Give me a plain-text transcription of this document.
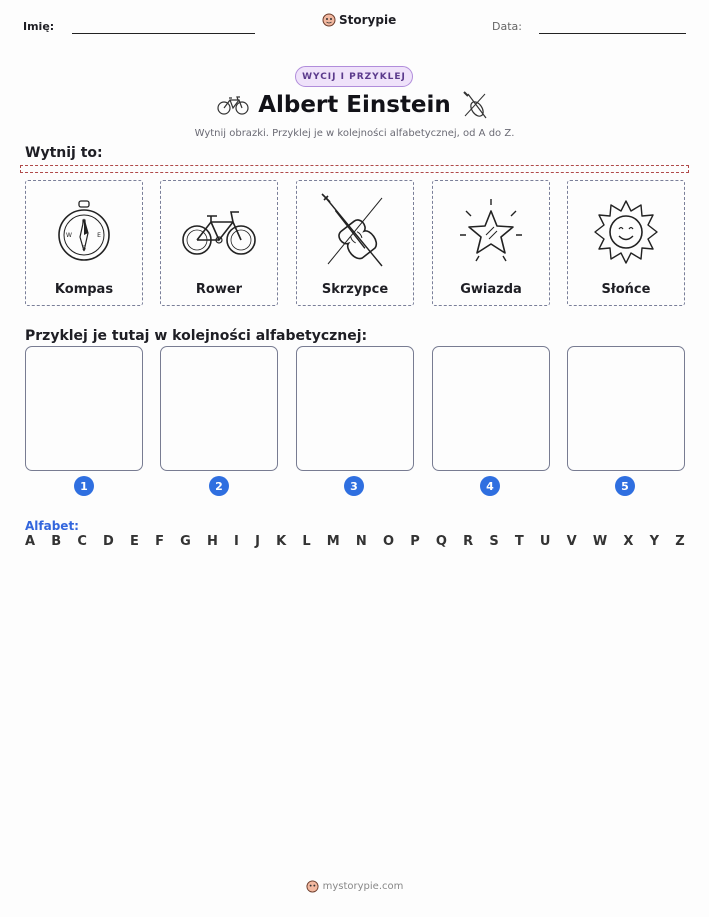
Imię:	Storypie	Data:
WYCIJ I PRZYKLEJ
Albert Einstein
Wytnij obrazki. Przyklej je w kolejności alfabetycznej, od A do Z.
Wytnij to:
N
S
W	E
Kompas	Rower	Skrzypce	Gwiazda	Słońce
Przyklej je tutaj w kolejności alfabetycznej:
1	2	3	4	5
Alfabet:
A B C D E F G H I J K L M N O P Q R S T U V W X Y Z
mystorypie.com
